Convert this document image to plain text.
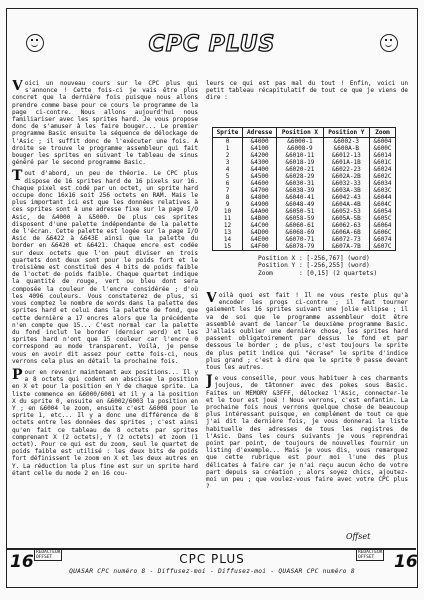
CPC PLUS

Voici un nouveau cours sur le CPC plus qui s'annonce ! Cette fois-ci je vais être plus concret que la dernière fois puisque nous allons prendre comme base pour ce cours le programme de la page ci-contre. Nous allons aujourd'hui nous familiariser avec les sprites hard. Je vous propose donc de s'amuser à les faire bouger... Le premier programme Basic ensuite la séquence de délockage de l'Asic ; il suffit donc de l'exécuter une fois. A droite se trouve le programme assembleur qui fait bouger les sprites en suivant le tableau de sinus généré par le second programme Basic.

Tout d'abord, un peu de théorie. Le CPC plus dispose de 16 sprites hard de 16 pixels sur 16. Chaque pixel est codé par un octet, un sprite hard occupe donc 16x16 soit 256 octets en RAM. Mais le plus important ici est que les données relatives à ces sprites sont à une adresse fixe sur la page I/O Asic, de &4000 à &5000. De plus ces sprites disposent d'une palette indépendante de la palette de l'écran. Cette palette est logée sur la page I/O Asic de &6422 à &643E ainsi que la palette du border en &6420 et &6421. Chaque encre est codée sur deux octets que l'on peut diviser en trois quartets dont deux sont pour le poids fort et le troisième est constitué des 4 bits de poids faible de l'octet de poids faible. Chaque quartet indique la quantité de rouge, vert ou bleu dont sera composée la couleur de l'encre considérée ; d'où les 4096 couleurs. Vous constaterez de plus, si vous comptez le nombre de words dans la palette des sprites hard et celui dans la palette de fond, que cette dernière a 17 encres alors que la précédente n'en compte que 15... C'est normal car la palette du fond inclut le border (dernier word) et les sprites hard n'ont que 15 couleur car l'encre 0 correspond au mode transparent. Voilà, je pense vous en avoir dit assez pour cette fois-ci, nous verrons cela plus en détail la prochaine fois.

Pour en revenir maintenant aux positions... Il y a 8 octets qui codent en abscisse la position en X et pour la position en Y de chaque sprite. La liste commence en &6000/6001 et il y a la position X du sprite 0, ensuite en &6002/6003 la position en Y ; en &6004 le zoom, ensuite c'est &6008 pour le sprite 1, etc... Il y a donc une différence de 8 octets entre les données des sprites ; c'est ainsi qu'en fait ce tableau de 8 octets par sprites comprenant X (2 octets), Y (2 octets) et zoom (1 octet). Pour ce qui est du zoom, seul le quartet de poids faible est utilisé : les deux bits de poids fort définissent le zoom en X et les deux autres en Y. La réduction la plus fine est sur un sprite hard étant celle du mode 2 en 16 cou-

leurs ce qui est pas mal du tout ! Enfin, voici un petit tableau récapitulatif de tout ce que je viens de dire :

Sprite	Adresse	Position X	Position Y	Zoom
0	&4000	&6000-1	&6002-3	&6004
1	&4100	&6008-9	&600A-B	&600C
2	&4200	&6010-11	&6012-13	&6014
3	&4300	&6018-19	&601A-1B	&601C
4	&4400	&6020-21	&6022-23	&6024
5	&4500	&6028-29	&602A-2B	&602C
6	&4600	&6030-31	&6032-33	&6034
7	&4700	&6038-39	&603A-3B	&603C
8	&4800	&6040-41	&6042-43	&6044
9	&4900	&6048-49	&604A-4B	&604C
10	&4A00	&6050-51	&6052-53	&6054
11	&4B00	&6058-59	&605A-5B	&605C
12	&4C00	&6060-61	&6062-63	&6064
13	&4D00	&6068-69	&606A-6B	&606C
14	&4E00	&6070-71	&6072-73	&6074
15	&4F00	&6078-79	&607A-7B	&607C
Position X : [-256,767] (word)
Position Y : [-256,255] (word)
Zoom       : [0,15] (2 quartets)

Voilà quoi est fait ! Il ne vous reste plus qu'à encoder les progs ci-contre ; il faut tourner gaiement les 16 sprites suivant une jolie ellipse ; il va de soi que le programme assembleur doit être assemblé avant de lancer le deuxième programme Basic. J'allais oublier une dernière chose, les sprites hard passent obligatoirement par dessus le fond et par dessous le border ; de plus, c'est toujours le sprite de plus petit indice qui "écrase" le sprite d'indice plus grand ; c'est à dire que le sprite 0 passe devant tous les autres.

Je vous conseille, pour vous habituer à ces charmants joujous, de tâtonner avec des pokes sous Basic. Faites un MEMORY &3FFF, délockez l'Asic, connecter-le et le tour est joué ! Nous verrons, c'est enfantin. La prochaine fois nous verrons quelque chose de beaucoup plus intéressant puisque, en complément de tout ce que j'ai dit la dernière fois, je vous donnerai la liste habituelle des adresses de tous les registres de l'Asic. Dans les cours suivants je vous reprendrai point par point, de toujours de nouvelles fournir un listing d'exemple... Mais je vous dis, vous remarquez que cette rubrique est pour moi l'une des plus délicates à faire car je n'ai reçu aucun écho de votre part depuis sa création ; alors soyez chics, ajoutez-moi un peu ; que voulez-vous faire avec votre CPC plus ?

Offset
16 RÉDACTEUR
OFFSET	CPC PLUS	RÉDACTEUR
OFFSET	16
QUASAR CPC numéro 8 - Diffusez-moi - Diffusez-moi - QUASAR CPC numéro 8
